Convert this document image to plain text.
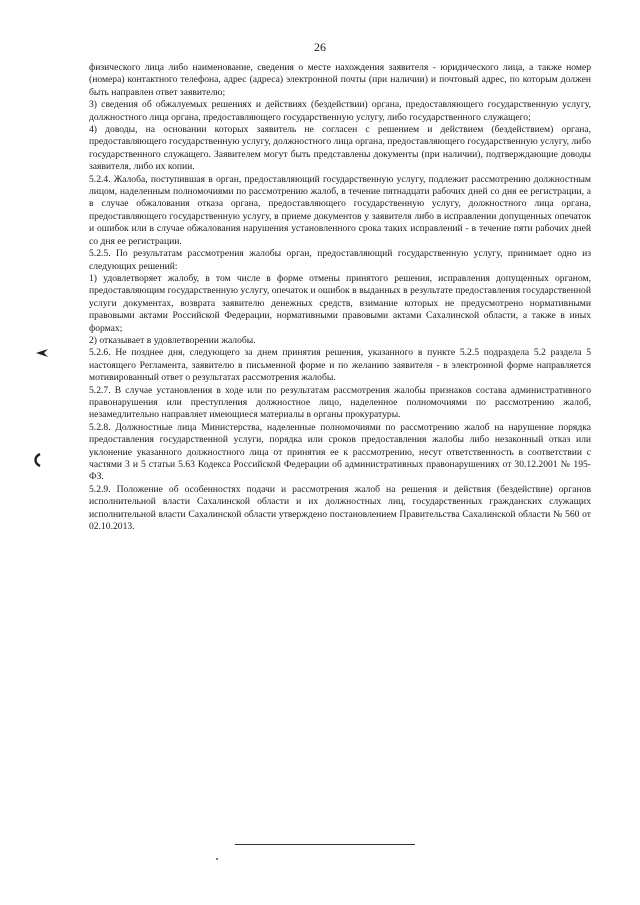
26

физического лица либо наименование, сведения о месте нахождения заявителя - юридического лица, а также номер (номера) контактного телефона, адрес (адреса) электронной почты (при наличии) и почтовый адрес, по которым должен быть направлен ответ заявителю;

3) сведения об обжалуемых решениях и действиях (бездействии) органа, предоставляющего государственную услугу, должностного лица органа, предоставляющего государственную услугу, либо государственного служащего;

4) доводы, на основании которых заявитель не согласен с решением и действием (бездействием) органа, предоставляющего государственную услугу, должностного лица органа, предоставляющего государственную услугу, либо государственного служащего. Заявителем могут быть представлены документы (при наличии), подтверждающие доводы заявителя, либо их копии.

5.2.4. Жалоба, поступившая в орган, предоставляющий государственную услугу, подлежит рассмотрению должностным лицом, наделенным полномочиями по рассмотрению жалоб, в течение пятнадцати рабочих дней со дня ее регистрации, а в случае обжалования отказа органа, предоставляющего государственную услугу, должностного лица органа, предоставляющего государственную услугу, в приеме документов у заявителя либо в исправлении допущенных опечаток и ошибок или в случае обжалования нарушения установленного срока таких исправлений - в течение пяти рабочих дней со дня ее регистрации.

5.2.5. По результатам рассмотрения жалобы орган, предоставляющий государственную услугу, принимает одно из следующих решений:

1) удовлетворяет жалобу, в том числе в форме отмены принятого решения, исправления допущенных органом, предоставляющим государственную услугу, опечаток и ошибок в выданных в результате предоставления государственной услуги документах, возврата заявителю денежных средств, взимание которых не предусмотрено нормативными правовыми актами Российской Федерации, нормативными правовыми актами Сахалинской области, а также в иных формах;

2) отказывает в удовлетворении жалобы.

5.2.6. Не позднее дня, следующего за днем принятия решения, указанного в пункте 5.2.5 подраздела 5.2 раздела 5 настоящего Регламента, заявителю в письменной форме и по желанию заявителя - в электронной форме направляется мотивированный ответ о результатах рассмотрения жалобы.

5.2.7. В случае установления в ходе или по результатам рассмотрения жалобы признаков состава административного правонарушения или преступления должностное лицо, наделенное полномочиями по рассмотрению жалоб, незамедлительно направляет имеющиеся материалы в органы прокуратуры.

5.2.8. Должностные лица Министерства, наделенные полномочиями по рассмотрению жалоб на нарушение порядка предоставления государственной услуги, порядка или сроков предоставления жалобы либо незаконный отказ или уклонение указанного должностного лица от принятия ее к рассмотрению, несут ответственность в соответствии с частями 3 и 5 статьи 5.63 Кодекса Российской Федерации об административных правонарушениях от 30.12.2001 № 195-ФЗ.

5.2.9. Положение об особенностях подачи и рассмотрения жалоб на решения и действия (бездействие) органов исполнительной власти Сахалинской области и их должностных лиц, государственных гражданских служащих исполнительной власти Сахалинской области утверждено постановлением Правительства Сахалинской области № 560 от 02.10.2013.
